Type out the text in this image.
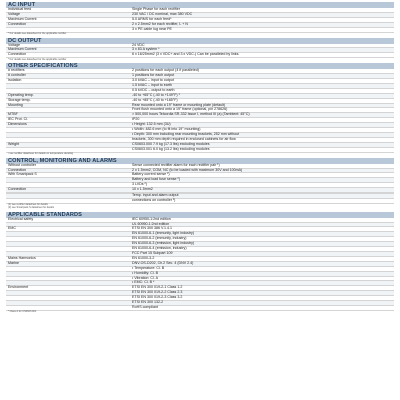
AC INPUT
Individual feed	Single Phase for each rectifier
Voltage	230 VAC / DC nominal, max 380 VDC
Maximum Current	5.0 ARMS for each feed*
Connection	2 x 2.5mm2 for each rectifier, L + N
	3 x PE cable lug near PE
* For details see datasheet for the applicable rectifier
DC OUTPUT
Voltage	24 VDC
Maximum Current	3 x 83 A system *
Connection	6 x 16/25mm2 (3 x VDC+ and 3 x VDC-) Can be paralleled by links.
* For details see datasheet for the applicable rectifier
OTHER SPECIFICATIONS
# rectifiers	2 positions for each output (4 if paralleled)
# controller	1 positions for each output
Isolation	3.0 kVAC – input to output
	1.5 kVAC – input to earth
	0.5 kVDC – output to earth
Operating temp.	-40 to +65°C (-40 to +149°F) ¹
Storage temp.	-40 to +85°C (-40 to +185°F)
Mounting	Rear mounted onto a 19" frame or mounting plate (default)
	Front flush mounted onto a 19" frame (optional, p/n 278626)
MTBF	> 500,000 hours Telcordia SR-332 Issue I, method III (a) (Tambient: 45°C)
IEC Prot. Cl.	IP20
Dimensions	• Height: 132.5 mm (3U)
	• Width: 482.6 mm (to fit into 19" mounting)
	• Depth: 300 mm including rear mounting brackets, 252 mm without
	brackets, 300 mm depth required in enclosed cabinets for air flow
Weight	CS0603.000 7.9 kg (17.3 lbs) excluding modules
	CS0603.001 6.0 kg (13.2 lbs) excluding modules
¹ see rectifier datasheet for details on temperature derating
CONTROL, MONITORING AND ALARMS
Without controller	Sense connected rectifier alarm for each rectifier pair ¹)
Connection	2 x 1.5mm2, COM, NC (to be loaded with maximum 30V and 100mA)
With Smartpack S	Battery current sense ²)
	Battery and load fuse sense ²)
	3 LVDs ²)
Connection	10 x 1.5mm2

	Temp. input and alarm output
	connections on controller ²)
(1) see rectifier datasheet for details
(2) see Smartpack S datasheet for details
APPLICABLE STANDARDS
Electrical safety	IEC 60950-1:2nd edition
	UL 60950-1:2nd edition
EMC	ETSI EN 300 386 V.1.4.1
	EN 61000-6-1 (immunity, light industry)
	EN 61000-6-2 (immunity, industry)
	EN 61000-6-3 (emission, light industry)
	EN 61000-6-4 (emission, industry)
	FCC Part 15 Subpart 109
Mains Harmonics	EN 61000-3-2
Marine	DNV-OS-D202, Ch.2 Sec. 4 (DNV 2.4)
	• Temperature: Cl. B
	• Humidity: Cl. B
	• Vibration: Cl. A
	• EMC: Cl. B *
Environment	ETSI EN 300 019-2-1 Class 1.2
	ETSI EN 300 019-2-2 Class 2.3
	ETSI EN 300 019-2-3 Class 3.2
	ETSI EN 300 132-2
	RoHS compliant
* Class A for CS0603.001
